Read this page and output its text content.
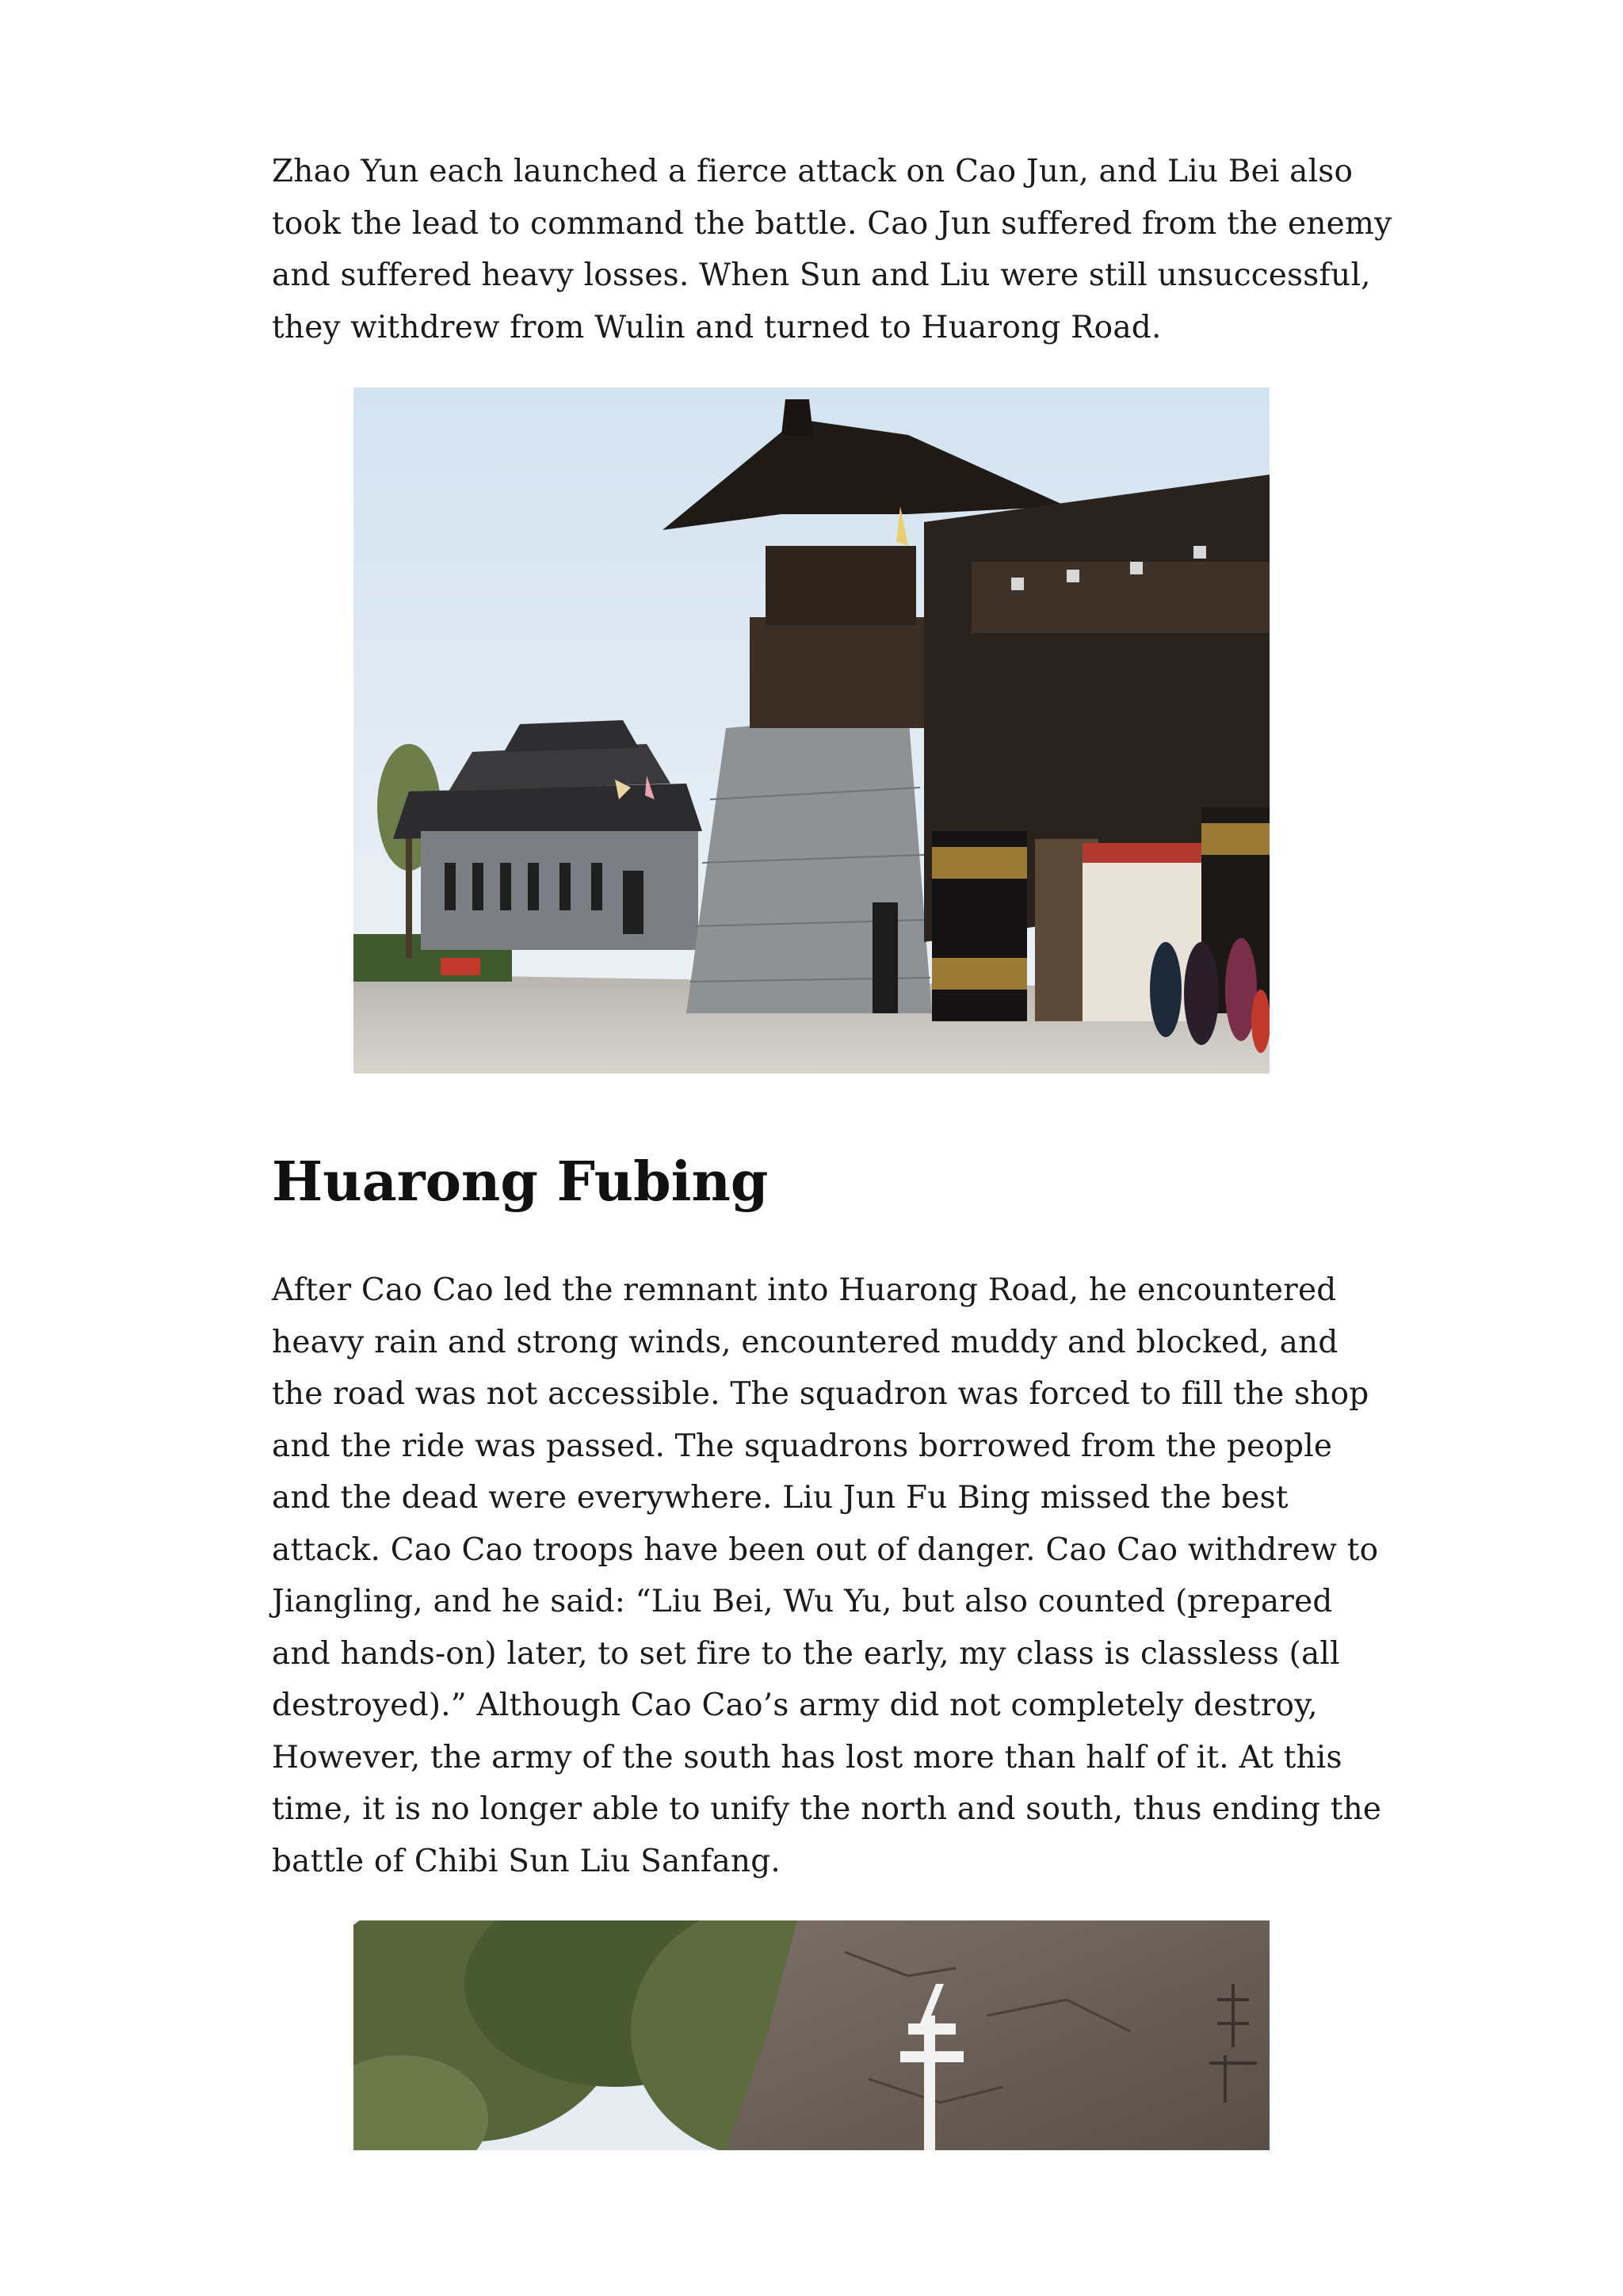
Zhao Yun each launched a fierce attack on Cao Jun, and Liu Bei also
took the lead to command the battle. Cao Jun suffered from the enemy
and suffered heavy losses. When Sun and Liu were still unsuccessful,
they withdrew from Wulin and turned to Huarong Road.

Huarong Fubing

After Cao Cao led the remnant into Huarong Road, he encountered
heavy rain and strong winds, encountered muddy and blocked, and
the road was not accessible. The squadron was forced to fill the shop
and the ride was passed. The squadrons borrowed from the people
and the dead were everywhere. Liu Jun Fu Bing missed the best
attack. Cao Cao troops have been out of danger. Cao Cao withdrew to
Jiangling, and he said: “Liu Bei, Wu Yu, but also counted (prepared
and hands-on) later, to set fire to the early, my class is classless (all
destroyed).” Although Cao Cao’s army did not completely destroy,
However, the army of the south has lost more than half of it. At this
time, it is no longer able to unify the north and south, thus ending the
battle of Chibi Sun Liu Sanfang.
